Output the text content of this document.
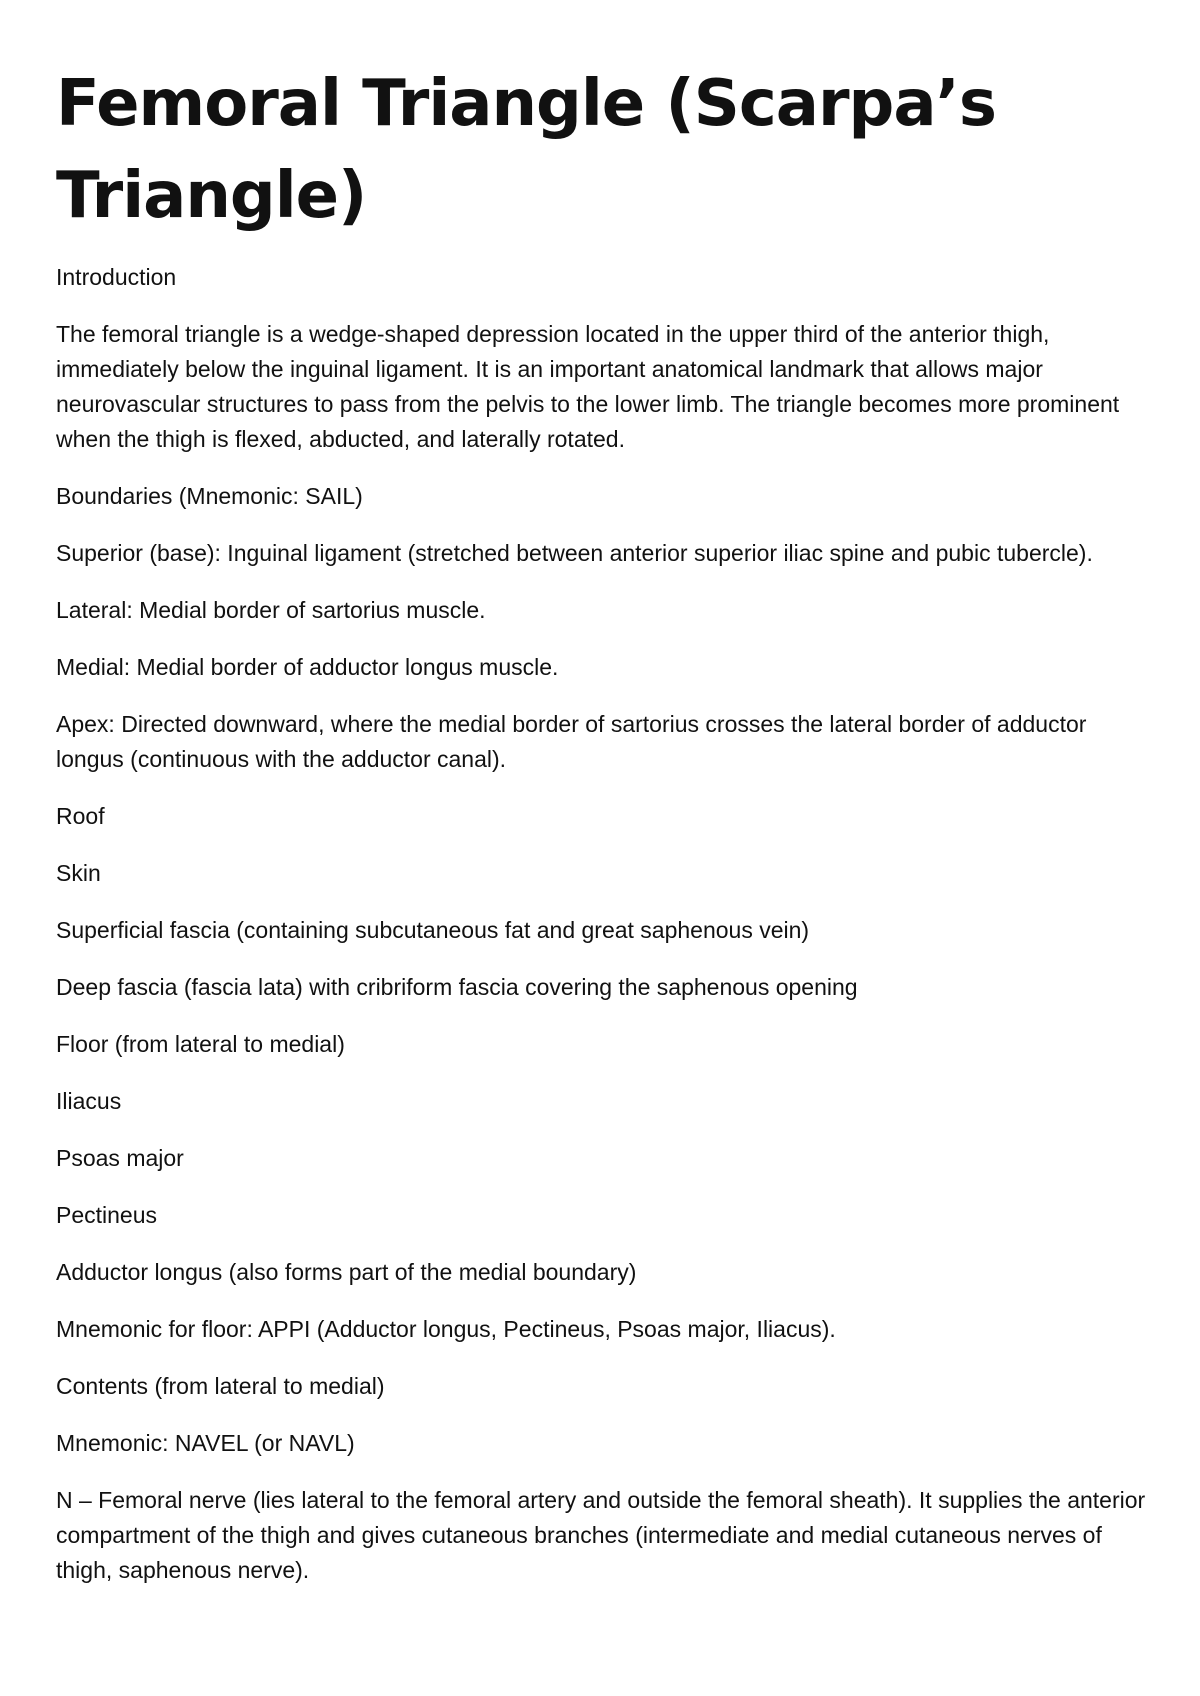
Femoral Triangle (Scarpa’s Triangle)

Introduction

The femoral triangle is a wedge-shaped depression located in the upper third of the anterior thigh, immediately below the inguinal ligament. It is an important anatomical landmark that allows major neurovascular structures to pass from the pelvis to the lower limb. The triangle becomes more prominent when the thigh is flexed, abducted, and laterally rotated.

Boundaries (Mnemonic: SAIL)

Superior (base): Inguinal ligament (stretched between anterior superior iliac spine and pubic tubercle).

Lateral: Medial border of sartorius muscle.

Medial: Medial border of adductor longus muscle.

Apex: Directed downward, where the medial border of sartorius crosses the lateral border of adductor longus (continuous with the adductor canal).

Roof

Skin

Superficial fascia (containing subcutaneous fat and great saphenous vein)

Deep fascia (fascia lata) with cribriform fascia covering the saphenous opening

Floor (from lateral to medial)

Iliacus

Psoas major

Pectineus

Adductor longus (also forms part of the medial boundary)

Mnemonic for floor: APPI (Adductor longus, Pectineus, Psoas major, Iliacus).

Contents (from lateral to medial)

Mnemonic: NAVEL (or NAVL)

N – Femoral nerve (lies lateral to the femoral artery and outside the femoral sheath). It supplies the anterior compartment of the thigh and gives cutaneous branches (intermediate and medial cutaneous nerves of thigh, saphenous nerve).
